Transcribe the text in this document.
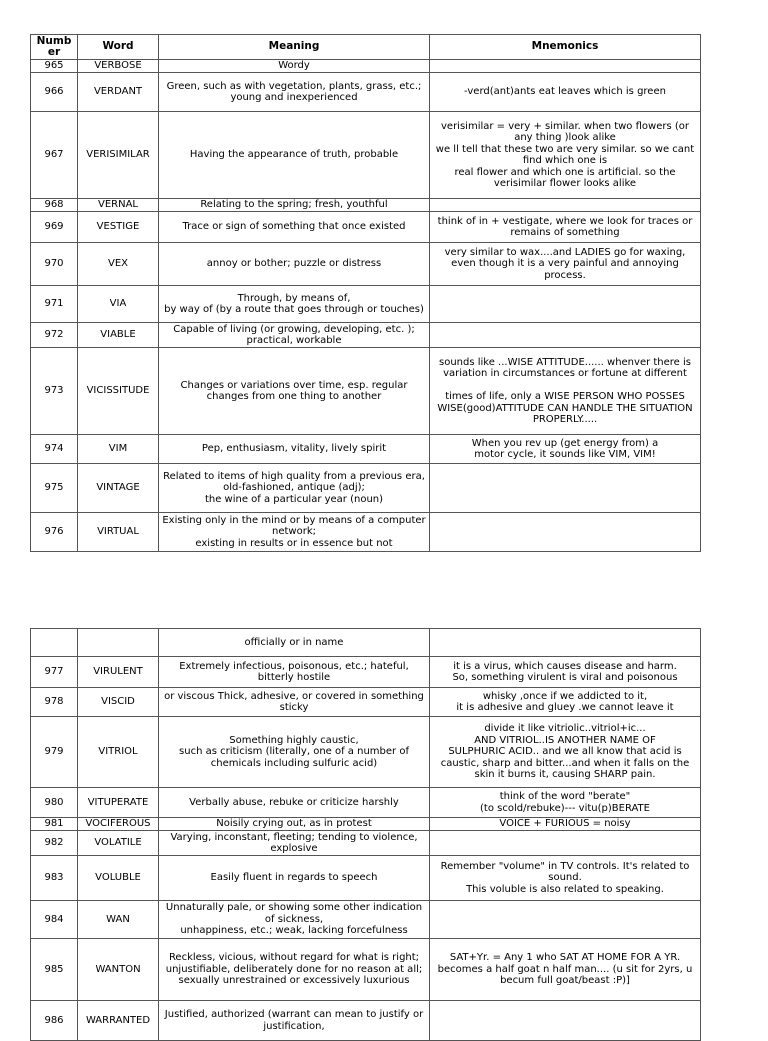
Numb
er	Word	Meaning	Mnemonics
965	VERBOSE	Wordy	
966	VERDANT	Green, such as with vegetation, plants, grass, etc.;
young and inexperienced	-verd(ant)ants eat leaves which is green
967	VERISIMILAR	Having the appearance of truth, probable	verisimilar = very + similar. when two flowers (or any thing )look alike
we ll tell that these two are very similar. so we cant find which one is
real flower and which one is artificial. so the verisimilar flower looks alike
968	VERNAL	Relating to the spring; fresh, youthful	
969	VESTIGE	Trace or sign of something that once existed	think of in + vestigate, where we look for traces or remains of something
970	VEX	annoy or bother; puzzle or distress	very similar to wax....and LADIES go for waxing, even though it is a very painful and annoying process.
971	VIA	Through, by means of,
by way of (by a route that goes through or touches)	
972	VIABLE	Capable of living (or growing, developing, etc. ); practical, workable	
973	VICISSITUDE	Changes or variations over time, esp. regular changes from one thing to another	sounds like ...WISE ATTITUDE...... whenver there is
variation in circumstances or fortune at different

times of life, only a WISE PERSON WHO POSSES WISE(good)ATTITUDE CAN HANDLE THE SITUATION PROPERLY.....
974	VIM	Pep, enthusiasm, vitality, lively spirit	When you rev up (get energy from) a
motor cycle, it sounds like VIM, VIM!
975	VINTAGE	Related to items of high quality from a previous era,
old-fashioned, antique (adj);
the wine of a particular year (noun)	
976	VIRTUAL	Existing only in the mind or by means of a computer network;
existing in results or in essence but not	
		officially or in name	
977	VIRULENT	Extremely infectious, poisonous, etc.; hateful, bitterly hostile	it is a virus, which causes disease and harm.
So, something virulent is viral and poisonous
978	VISCID	or viscous Thick, adhesive, or covered in something sticky	whisky ,once if we addicted to it,
it is adhesive and gluey .we cannot leave it
979	VITRIOL	Something highly caustic,
such as criticism (literally, one of a number of chemicals including sulfuric acid)	divide it like vitriolic..vitriol+ic...
AND VITRIOL..IS ANOTHER NAME OF
SULPHURIC ACID.. and we all know that acid is caustic, sharp and bitter...and when it falls on the skin it burns it, causing SHARP pain.
980	VITUPERATE	Verbally abuse, rebuke or criticize harshly	think of the word "berate"
(to scold/rebuke)--- vitu(p)BERATE
981	VOCIFEROUS	Noisily crying out, as in protest	VOICE + FURIOUS = noisy
982	VOLATILE	Varying, inconstant, fleeting; tending to violence, explosive	
983	VOLUBLE	Easily fluent in regards to speech	Remember "volume" in TV controls. It's related to sound.
This voluble is also related to speaking.
984	WAN	Unnaturally pale, or showing some other indication of sickness,
unhappiness, etc.; weak, lacking forcefulness	
985	WANTON	Reckless, vicious, without regard for what is right;
unjustifiable, deliberately done for no reason at all;
sexually unrestrained or excessively luxurious	SAT+Yr. = Any 1 who SAT AT HOME FOR A YR. becomes a half goat n half man.... (u sit for 2yrs, u
becum full goat/beast :P)]
986	WARRANTED	Justified, authorized (warrant can mean to justify or justification,	
